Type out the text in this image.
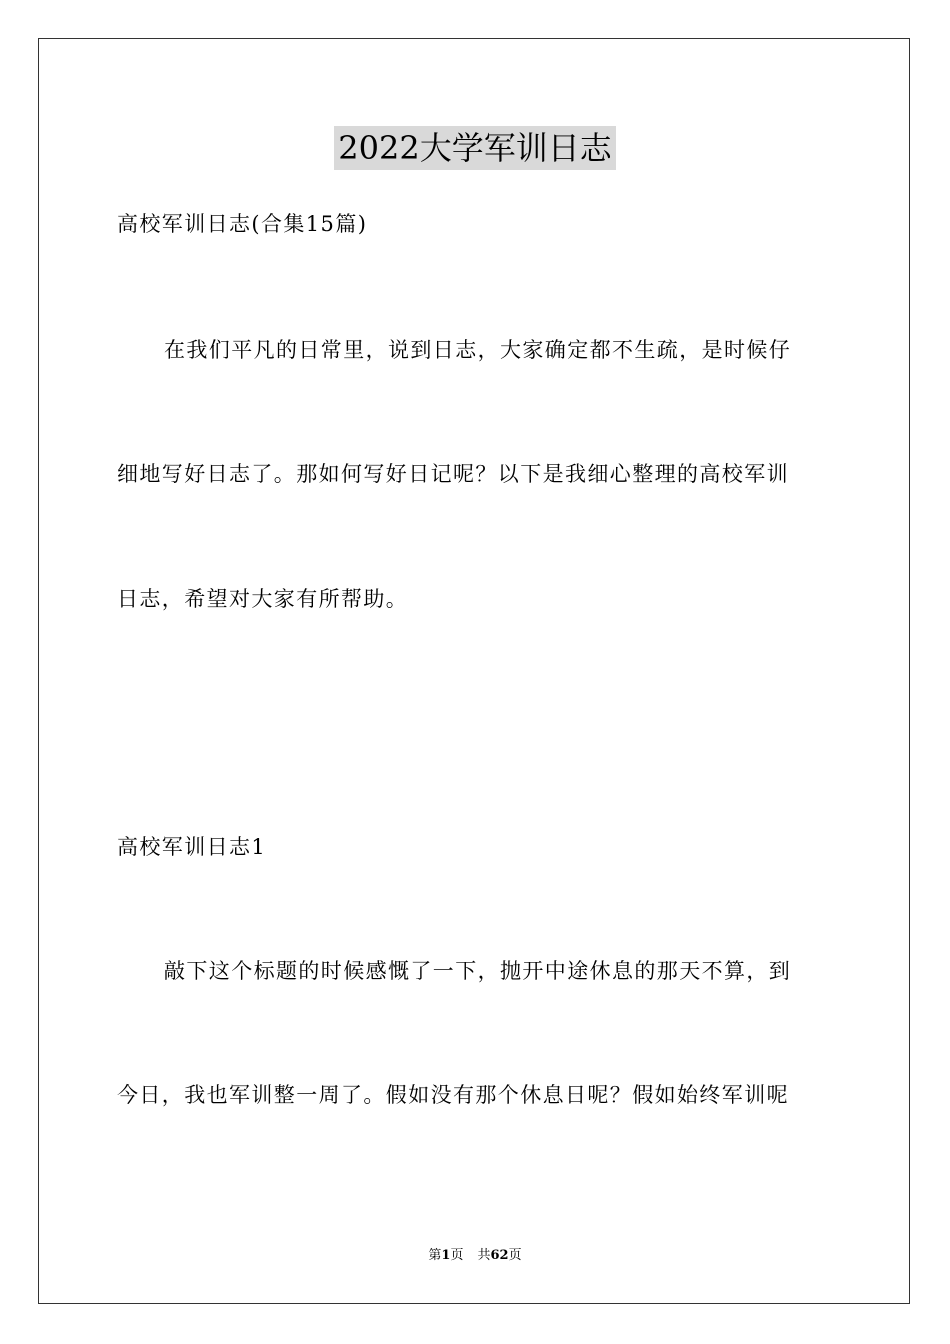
2022大学军训日志
高校军训日志(合集15篇)
在我们平凡的日常里，说到日志，大家确定都不生疏，是时候仔
细地写好日志了。那如何写好日记呢？以下是我细心整理的高校军训
日志，希望对大家有所帮助。
高校军训日志1
敲下这个标题的时候感慨了一下，抛开中途休息的那天不算，到
今日，我也军训整一周了。假如没有那个休息日呢？假如始终军训呢
第1页 共62页
